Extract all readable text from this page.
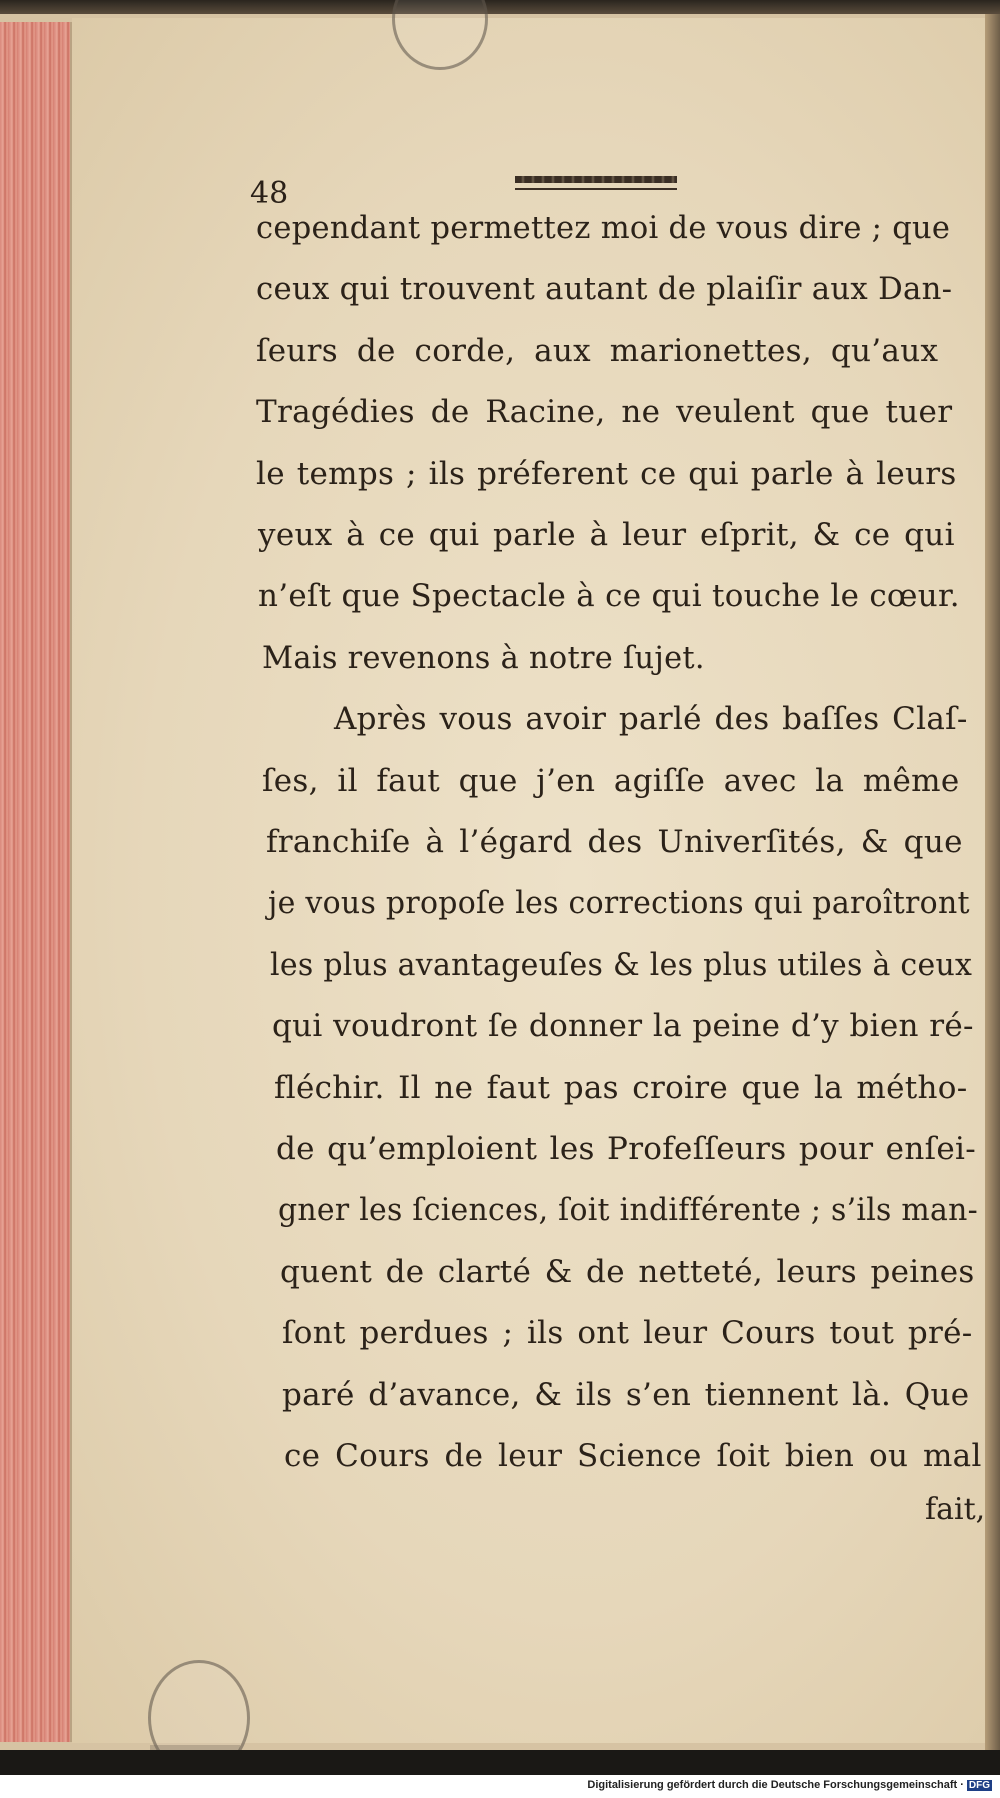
48
cependant permettez moi de vous dire ; que
ceux qui trouvent autant de plaiſir aux Dan-
ſeurs de corde, aux marionettes, qu’aux
Tragédies de Racine, ne veulent que tuer
le temps ; ils préferent ce qui parle à leurs
yeux à ce qui parle à leur eſprit, & ce qui
n’eſt que Spectacle à ce qui touche le cœur.
Mais revenons à notre ſujet.
Après vous avoir parlé des baſſes Claſ-
ſes, il faut que j’en agiſſe avec la même
franchiſe à l’égard des Univerſités, & que
je vous propoſe les corrections qui paroîtront
les plus avantageuſes & les plus utiles à ceux
qui voudront ſe donner la peine d’y bien ré-
fléchir. Il ne faut pas croire que la métho-
de qu’emploient les Profeſſeurs pour enſei-
gner les ſciences, ſoit indifférente ; s’ils man-
quent de clarté & de netteté, leurs peines
ſont perdues ; ils ont leur Cours tout pré-
paré d’avance, & ils s’en tiennent là. Que
ce Cours de leur Science ſoit bien ou mal
fait,
Digitalisierung gefördert durch die Deutsche Forschungsgemeinschaft · DFG
